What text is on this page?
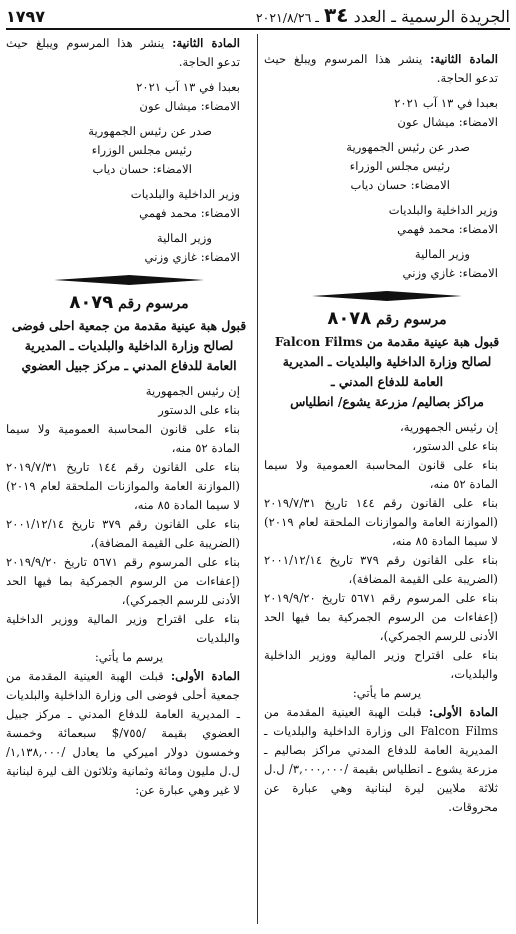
الجريدة الرسمية ـ العدد ٣٤ ـ ٢٠٢١/٨/٢٦
١٧٩٧

المادة الثانية: ينشر هذا المرسوم ويبلغ حيث تدعو الحاجة.

بعبدا في ١٣ آب ٢٠٢١

الامضاء: ميشال عون

صدر عن رئيس الجمهورية

رئيس مجلس الوزراء

الامضاء: حسان دياب

وزير الداخلية والبلديات

الامضاء: محمد فهمي

وزير المالية

الامضاء: غازي وزني

مرسوم رقم ٨٠٧٨

قبول هبة عينية مقدمة من Falcon Films

لصالح وزارة الداخلية والبلديات ـ المديرية

العامة للدفاع المدني ـ

مراكز بصاليم/ مزرعة يشوع/ انطلياس

إن رئيس الجمهورية،

بناء على الدستور،

بناء على قانون المحاسبة العمومية ولا سيما المادة ٥٢ منه،

بناء على القانون رقم ١٤٤ تاريخ ٢٠١٩/٧/٣١ (الموازنة العامة والموازنات الملحقة لعام ٢٠١٩) لا سيما المادة ٨٥ منه،

بناء على القانون رقم ٣٧٩ تاريخ ٢٠٠١/١٢/١٤ (الضريبة على القيمة المضافة)،

بناء على المرسوم رقم ٥٦٧١ تاريخ ٢٠١٩/٩/٢٠ (إعفاءات من الرسوم الجمركية بما فيها الحد الأدنى للرسم الجمركي)،

بناء على اقتراح وزير المالية ووزير الداخلية والبلديات،

يرسم ما يأتي:

المادة الأولى: قبلت الهبة العينية المقدمة من Falcon Films الى وزارة الداخلية والبلديات ـ المديرية العامة للدفاع المدني مراكز بصاليم ـ مزرعة يشوع ـ انطلياس بقيمة /٣,٠٠٠,٠٠٠/ ل.ل ثلاثة ملايين ليرة لبنانية وهي عبارة عن محروقات.

المادة الثانية: ينشر هذا المرسوم ويبلغ حيث تدعو الحاجة.

بعبدا في ١٣ آب ٢٠٢١

الامضاء: ميشال عون

صدر عن رئيس الجمهورية

رئيس مجلس الوزراء

الامضاء: حسان دياب

وزير الداخلية والبلديات

الامضاء: محمد فهمي

وزير المالية

الامضاء: غازي وزني

مرسوم رقم ٨٠٧٩

قبول هبة عينية مقدمة من جمعية احلى فوضى

لصالح وزارة الداخلية والبلديات ـ المديرية

العامة للدفاع المدني ـ مركز جبيل العضوي

إن رئيس الجمهورية

بناء على الدستور

بناء على قانون المحاسبة العمومية ولا سيما المادة ٥٢ منه،

بناء على القانون رقم ١٤٤ تاريخ ٢٠١٩/٧/٣١ (الموازنة العامة والموازنات الملحقة لعام ٢٠١٩) لا سيما المادة ٨٥ منه،

بناء على القانون رقم ٣٧٩ تاريخ ٢٠٠١/١٢/١٤ (الضريبة على القيمة المضافة)،

بناء على المرسوم رقم ٥٦٧١ تاريخ ٢٠١٩/٩/٢٠ (إعفاءات من الرسوم الجمركية بما فيها الحد الأدنى للرسم الجمركي)،

بناء على اقتراح وزير المالية ووزير الداخلية والبلديات

يرسم ما يأتي:

المادة الأولى: قبلت الهبة العينية المقدمة من جمعية أحلى فوضى الى وزارة الداخلية والبلديات ـ المديرية العامة للدفاع المدني ـ مركز جبيل العضوي بقيمة /٧٥٥/$ سبعمائة وخمسة وخمسون دولار اميركي ما يعادل /١,١٣٨,٠٠٠/ ل.ل مليون ومائة وثمانية وثلاثون الف ليرة لبنانية لا غير وهي عبارة عن:
